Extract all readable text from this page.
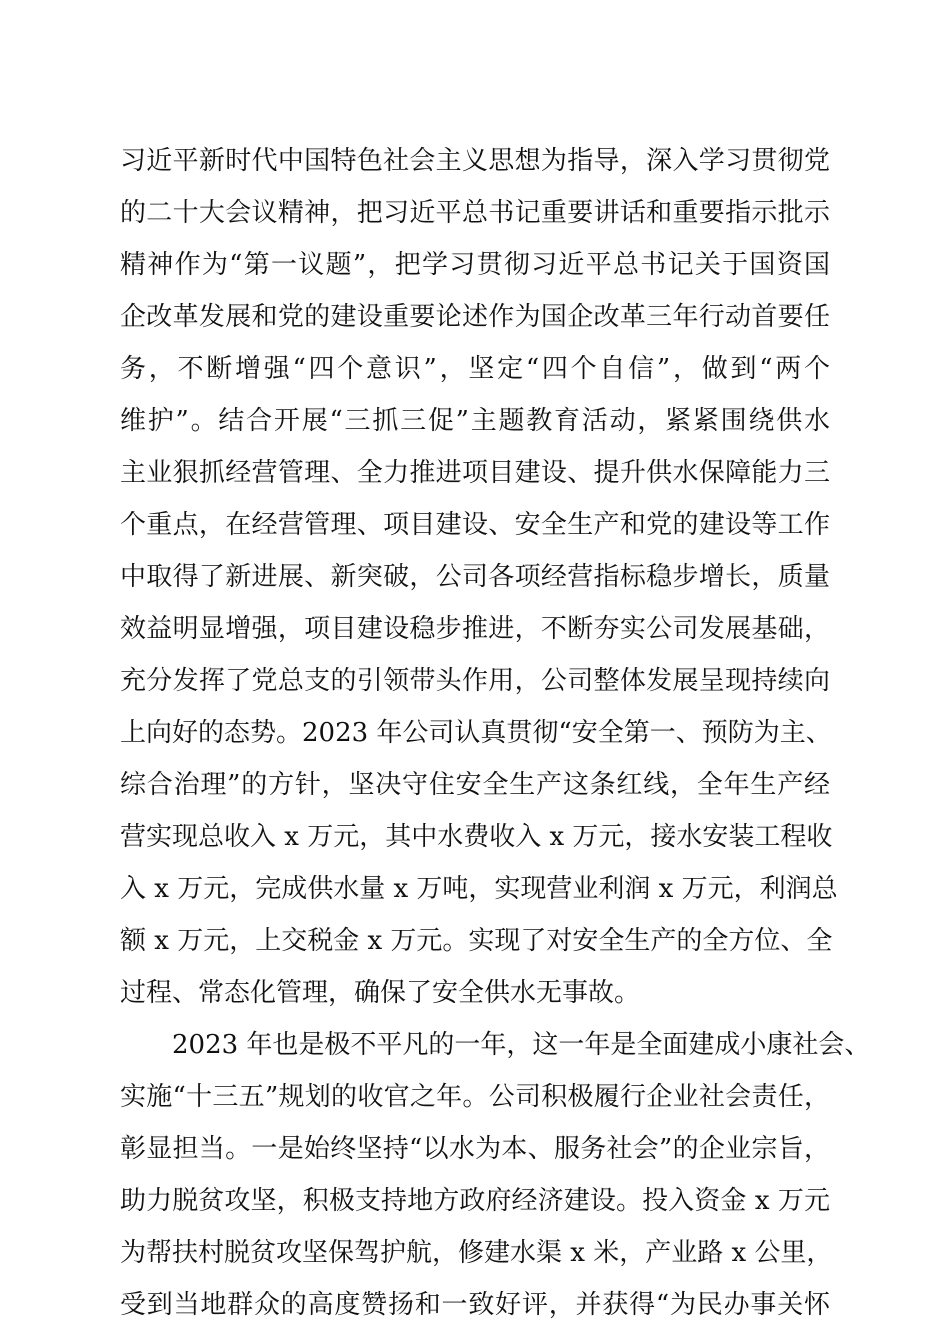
习近平新时代中国特色社会主义思想为指导，深入学习贯彻党
的二十大会议精神，把习近平总书记重要讲话和重要指示批示
精神作为“第一议题”，把学习贯彻习近平总书记关于国资国
企改革发展和党的建设重要论述作为国企改革三年行动首要任
务，不断增强“四个意识”，坚定“四个自信”，做到“两个
维护”。结合开展“三抓三促”主题教育活动，紧紧围绕供水
主业狠抓经营管理、全力推进项目建设、提升供水保障能力三
个重点，在经营管理、项目建设、安全生产和党的建设等工作
中取得了新进展、新突破，公司各项经营指标稳步增长，质量
效益明显增强，项目建设稳步推进，不断夯实公司发展基础，
充分发挥了党总支的引领带头作用，公司整体发展呈现持续向
上向好的态势。2023 年公司认真贯彻“安全第一、预防为主、
综合治理”的方针，坚决守住安全生产这条红线，全年生产经
营实现总收入 x 万元，其中水费收入 x 万元，接水安装工程收
入 x 万元，完成供水量 x 万吨，实现营业利润 x 万元，利润总
额 x 万元，上交税金 x 万元。实现了对安全生产的全方位、全
过程、常态化管理，确保了安全供水无事故。
2023 年也是极不平凡的一年，这一年是全面建成小康社会、
实施“十三五”规划的收官之年。公司积极履行企业社会责任，
彰显担当。一是始终坚持“以水为本、服务社会”的企业宗旨，
助力脱贫攻坚，积极支持地方政府经济建设。投入资金 x 万元
为帮扶村脱贫攻坚保驾护航，修建水渠 x 米，产业路 x 公里，
受到当地群众的高度赞扬和一致好评，并获得“为民办事关怀
